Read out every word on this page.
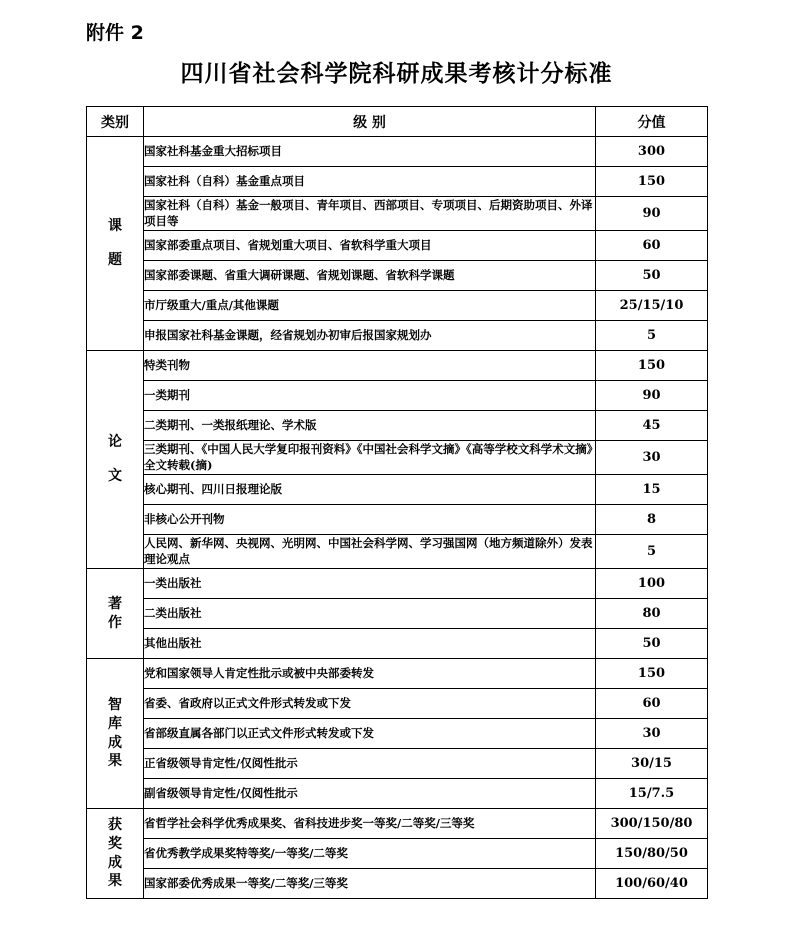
附件 2
四川省社会科学院科研成果考核计分标准
类别	级 别	分值

课题	国家社科基金重大招标项目	300
	国家社科（自科）基金重点项目	150
	国家社科（自科）基金一般项目、青年项目、西部项目、专项项目、后期资助项目、外译项目等	90
	国家部委重点项目、省规划重大项目、省软科学重大项目	60
	国家部委课题、省重大调研课题、省规划课题、省软科学课题	50
	市厅级重大/重点/其他课题	25/15/10
	申报国家社科基金课题，经省规划办初审后报国家规划办	5

论文	特类刊物	150
	一类期刊	90
	二类期刊、一类报纸理论、学术版	45
	三类期刊、《中国人民大学复印报刊资料》《中国社会科学文摘》《高等学校文科学术文摘》全文转载(摘)	30
	核心期刊、四川日报理论版	15
	非核心公开刊物	8
	人民网、新华网、央视网、光明网、中国社会科学网、学习强国网（地方频道除外）发表理论观点	5

著作	一类出版社	100
	二类出版社	80
	其他出版社	50

智库成果	党和国家领导人肯定性批示或被中央部委转发	150
	省委、省政府以正式文件形式转发或下发	60
	省部级直属各部门以正式文件形式转发或下发	30
	正省级领导肯定性/仅阅性批示	30/15
	副省级领导肯定性/仅阅性批示	15/7.5

获奖成果	省哲学社会科学优秀成果奖、省科技进步奖一等奖/二等奖/三等奖	300/150/80
	省优秀教学成果奖特等奖/一等奖/二等奖	150/80/50
	国家部委优秀成果一等奖/二等奖/三等奖	100/60/40
